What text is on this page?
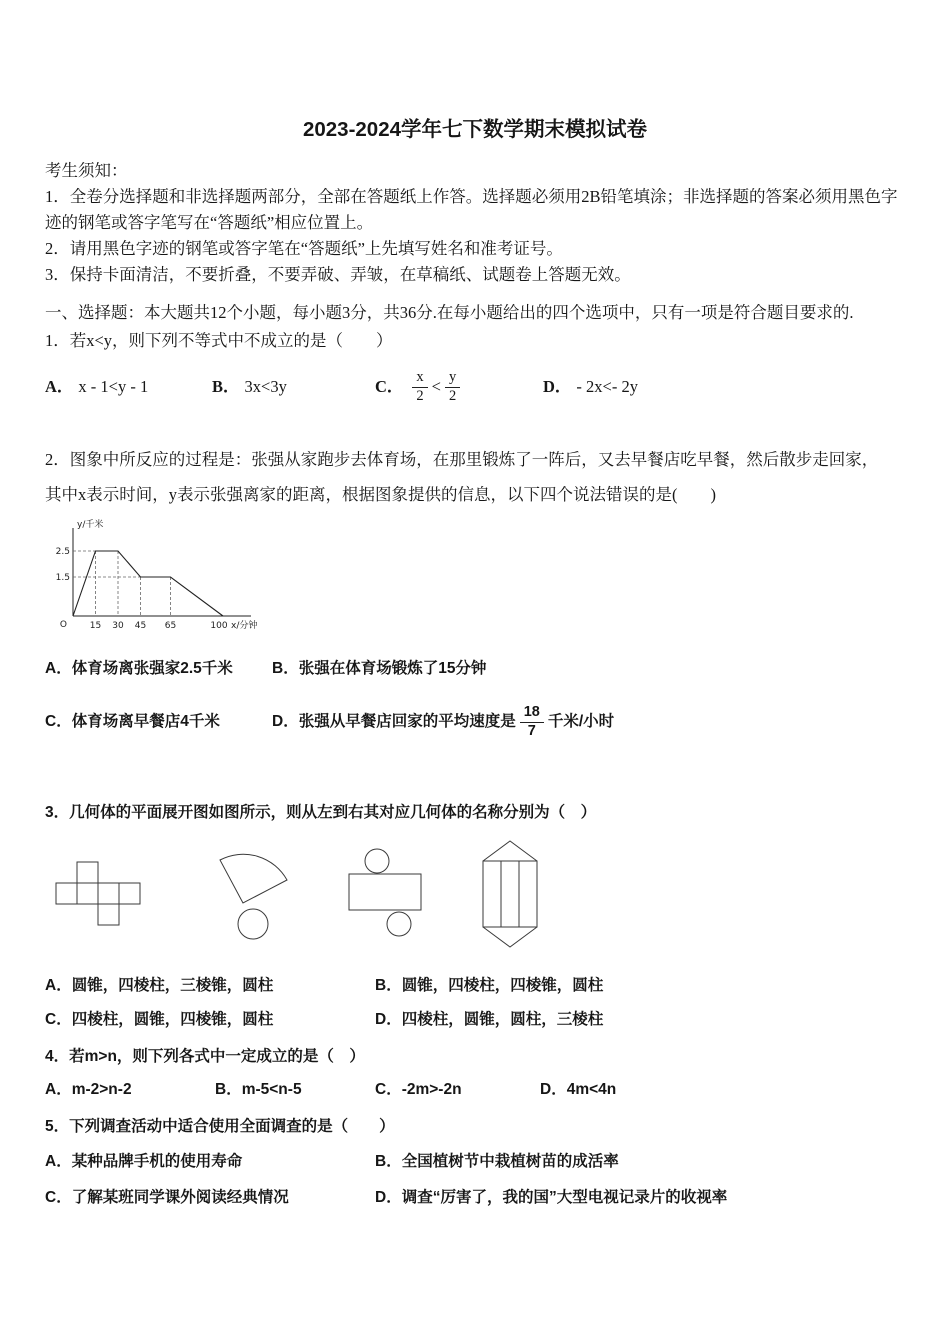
2023-2024学年七下数学期末模拟试卷

考生须知：

1．全卷分选择题和非选择题两部分，全部在答题纸上作答。选择题必须用2B铅笔填涂；非选择题的答案必须用黑色字迹的钢笔或答字笔写在“答题纸”相应位置上。

2．请用黑色字迹的钢笔或答字笔在“答题纸”上先填写姓名和准考证号。

3．保持卡面清洁，不要折叠，不要弄破、弄皱，在草稿纸、试题卷上答题无效。

一、选择题：本大题共12个小题，每小题3分，共36分.在每小题给出的四个选项中，只有一项是符合题目要求的.

1．若x<y，则下列不等式中不成立的是（　　）

A． x - 1<y - 1	B． 3x<3y	C． $\frac{x}{2} < \frac{y}{2}$	D． - 2x<- 2y

2．图象中所反应的过程是：张强从家跑步去体育场，在那里锻炼了一阵后，又去早餐店吃早餐，然后散步走回家，

其中x表示时间，y表示张强离家的距离，根据图象提供的信息，以下四个说法错误的是(　　)

y/千米
2.5
1.5
O	15 30 45 65	100 x/分钟
A．体育场离张强家2.5千米	B．张强在体育场锻炼了15分钟
C．体育场离早餐店4千米	D．张强从早餐店回家的平均速度是 $\frac{18}{7}$ 千米/小时

3．几何体的平面展开图如图所示，则从左到右其对应几何体的名称分别为（　）

A．圆锥，四棱柱，三棱锥，圆柱	B．圆锥，四棱柱，四棱锥，圆柱
C．四棱柱，圆锥，四棱锥，圆柱	D．四棱柱，圆锥，圆柱，三棱柱

4．若m>n，则下列各式中一定成立的是（　）

A．m-2>n-2	B．m-5<n-5	C．-2m>-2n	D．4m<4n

5．下列调查活动中适合使用全面调查的是（　　）

A．某种品牌手机的使用寿命	B．全国植树节中栽植树苗的成活率
C．了解某班同学课外阅读经典情况	D．调查“厉害了，我的国”大型电视记录片的收视率
